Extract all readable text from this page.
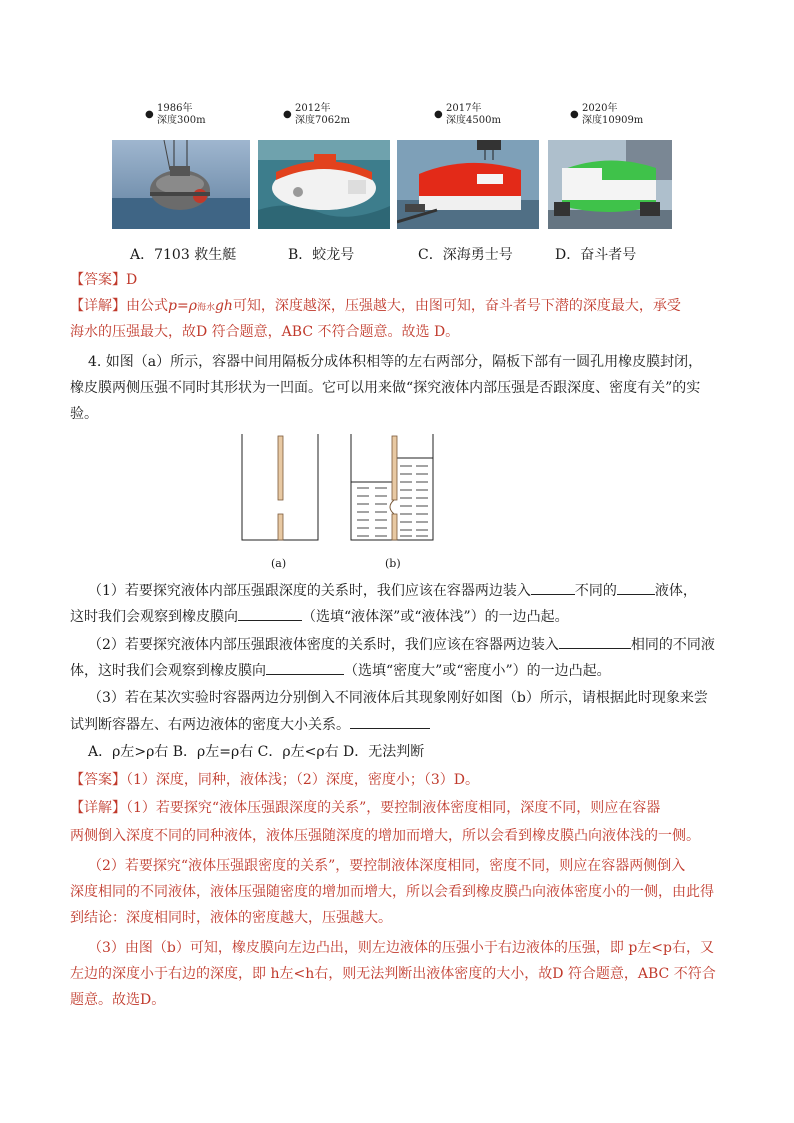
1986年
深度300m
●
2012年
深度7062m
●
2017年
深度4500m
●
2020年
深度10909m
●
A．7103 救生艇	B．蛟龙号	C．深海勇士号	D．奋斗者号
【答案】D
【详解】由公式p=ρ海水gh可知，深度越深，压强越大，由图可知，奋斗者号下潜的深度最大，承受
海水的压强最大，故D 符合题意，ABC 不符合题意。故选 D。
4. 如图（a）所示，容器中间用隔板分成体积相等的左右两部分，隔板下部有一圆孔用橡皮膜封闭，
橡皮膜两侧压强不同时其形状为一凹面。它可以用来做“探究液体内部压强是否跟深度、密度有关”的实
验。
(a)	(b)
（1）若要探究液体内部压强跟深度的关系时，我们应该在容器两边装入	不同的	液体，
这时我们会观察到橡皮膜向	（选填“液体深”或“液体浅”）的一边凸起。
（2）若要探究液体内部压强跟液体密度的关系时，我们应该在容器两边装入	相同的不同液
体，这时我们会观察到橡皮膜向	（选填“密度大”或“密度小”）的一边凸起。
（3）若在某次实验时容器两边分别倒入不同液体后其现象刚好如图（b）所示，请根据此时现象来尝
试判断容器左、右两边液体的密度大小关系。
A．ρ左>ρ右 B．ρ左=ρ右 C．ρ左<ρ右 D．无法判断
【答案】（1）深度，同种，液体浅；（2）深度，密度小；（3）D。
【详解】（1）若要探究“液体压强跟深度的关系”，要控制液体密度相同，深度不同，则应在容器
两侧倒入深度不同的同种液体，液体压强随深度的增加而增大，所以会看到橡皮膜凸向液体浅的一侧。
（2）若要探究“液体压强跟密度的关系”，要控制液体深度相同，密度不同，则应在容器两侧倒入
深度相同的不同液体，液体压强随密度的增加而增大，所以会看到橡皮膜凸向液体密度小的一侧，由此得
到结论：深度相同时，液体的密度越大，压强越大。
（3）由图（b）可知，橡皮膜向左边凸出，则左边液体的压强小于右边液体的压强，即 p左<p右，又
左边的深度小于右边的深度，即 h左<h右，则无法判断出液体密度的大小，故D 符合题意，ABC 不符合
题意。故选D。
